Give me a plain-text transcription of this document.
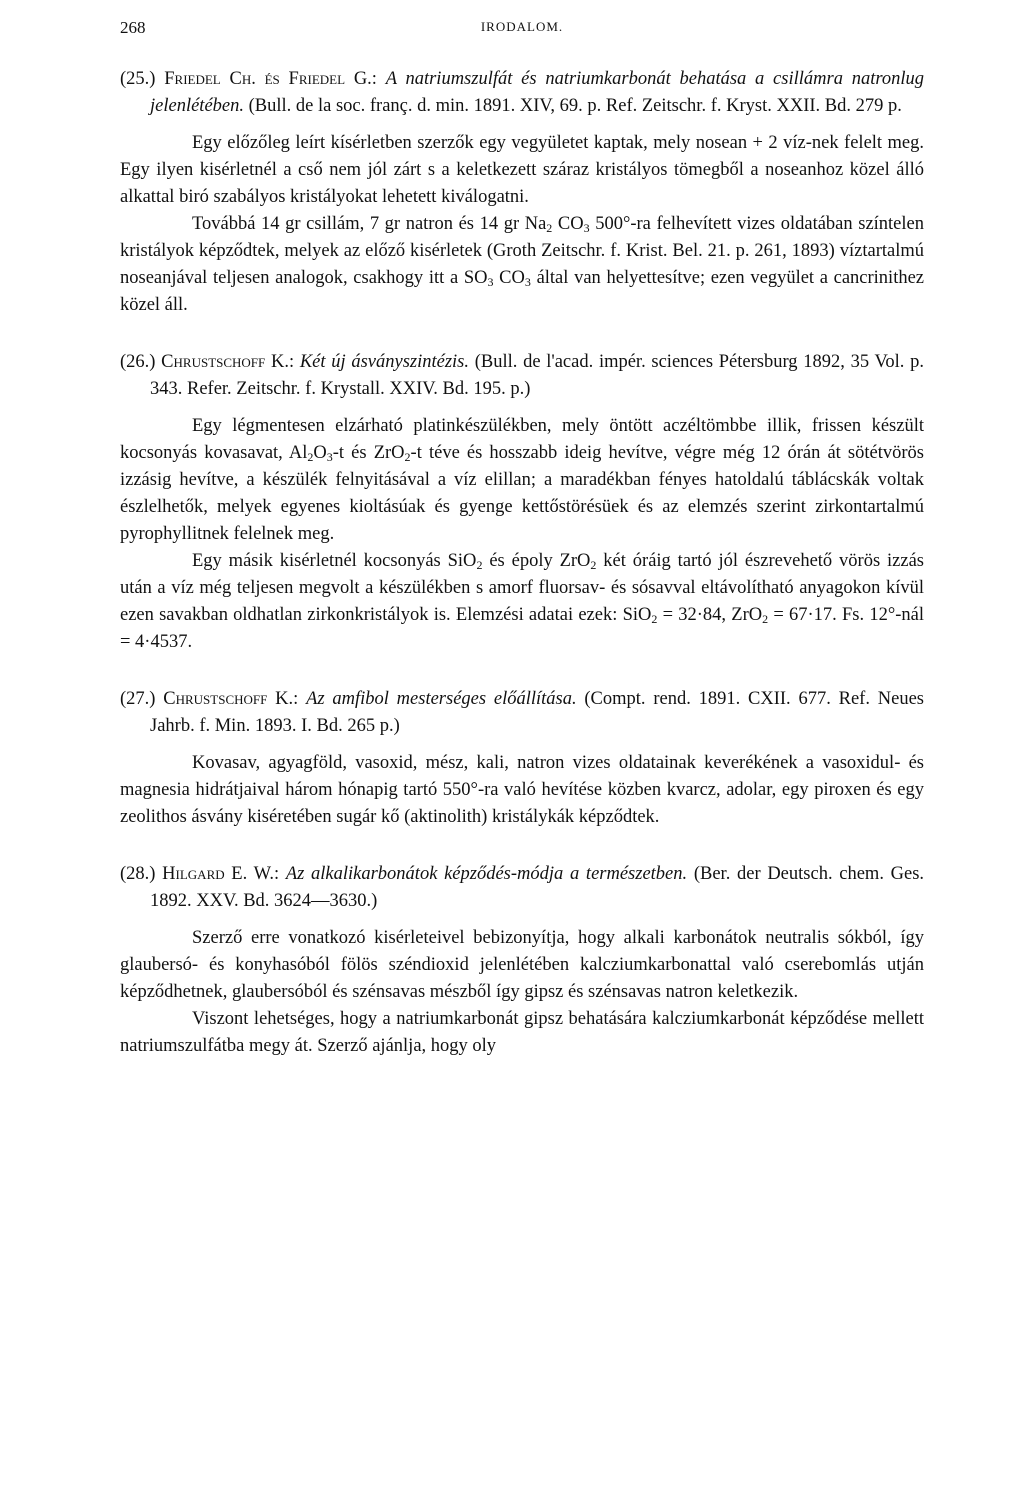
268	IRODALOM.
(25.) Friedel Ch. és Friedel G.: A natriumszulfát és natriumkarbonát behatása a csillámra natronlug jelenlétében. (Bull. de la soc. franç. d. min. 1891. XIV, 69. p. Ref. Zeitschr. f. Kryst. XXII. Bd. 279 p.

Egy előzőleg leírt kísérletben szerzők egy vegyületet kaptak, mely nosean + 2 víz-nek felelt meg. Egy ilyen kisérletnél a cső nem jól zárt s a keletkezett száraz kristályos tömegből a noseanhoz közel álló alkattal biró szabályos kristályokat lehetett kiválogatni.

Továbbá 14 gr csillám, 7 gr natron és 14 gr $Na_2$ $CO_3$ 500°-ra felhevített vizes oldatában színtelen kristályok képződtek, melyek az előző kisérletek (Groth Zeitschr. f. Krist. Bel. 21. p. 261, 1893) víztartalmú noseanjával teljesen analogok, csakhogy itt a $SO_3$ $CO_3$ által van helyettesítve; ezen vegyület a cancrinithez közel áll.

(26.) Chrustschoff K.: Két új ásványszintézis. (Bull. de l'acad. impér. sciences Pétersburg 1892, 35 Vol. p. 343. Refer. Zeitschr. f. Krystall. XXIV. Bd. 195. p.)

Egy légmentesen elzárható platinkészülékben, mely öntött aczéltömbbe illik, frissen készült kocsonyás kovasavat, $Al_2O_3-t$ és ZrO$_2$-t téve és hosszabb ideig hevítve, végre még 12 órán át sötétvörös izzásig hevítve, a készülék felnyitásával a víz elillan; a maradékban fényes hatoldalú táblácskák voltak észlelhetők, melyek egyenes kioltásúak és gyenge kettőstörésüek és az elemzés szerint zirkontartalmú pyrophyllitnek felelnek meg.

Egy másik kisérletnél kocsonyás SiO$_2$ és époly ZrO$_2$ két óráig tartó jól észrevehető vörös izzás után a víz még teljesen megvolt a készülékben s amorf fluorsav- és sósavval eltávolítható anyagokon kívül ezen savakban oldhatlan zirkonkristályok is. Elemzési adatai ezek: SiO$_2$ = 32·84, ZrO$_2$ = 67·17. Fs. 12°-nál = 4·4537.

(27.) Chrustschoff K.: Az amfibol mesterséges előállítása. (Compt. rend. 1891. CXII. 677. Ref. Neues Jahrb. f. Min. 1893. I. Bd. 265 p.)

Kovasav, agyagföld, vasoxid, mész, kali, natron vizes oldatainak keverékének a vasoxidul- és magnesia hidrátjaival három hónapig tartó 550°-ra való hevítése közben kvarcz, adolar, egy piroxen és egy zeolithos ásvány kiséretében sugár kő (aktinolith) kristálykák képződtek.

(28.) Hilgard E. W.: Az alkalikarbonátok képződés-módja a természetben. (Ber. der Deutsch. chem. Ges. 1892. XXV. Bd. 3624—3630.)

Szerző erre vonatkozó kisérleteivel bebizonyítja, hogy alkali karbonátok neutralis sókból, így glaubersó- és konyhasóból fölös széndioxid jelenlétében kalcziumkarbonattal való cserebomlás utján képződhetnek, glaubersóból és szénsavas mészből így gipsz és szénsavas natron keletkezik.

Viszont lehetséges, hogy a natriumkarbonát gipsz behatására kalcziumkarbonát képződése mellett natriumszulfátba megy át. Szerző ajánlja, hogy oly
